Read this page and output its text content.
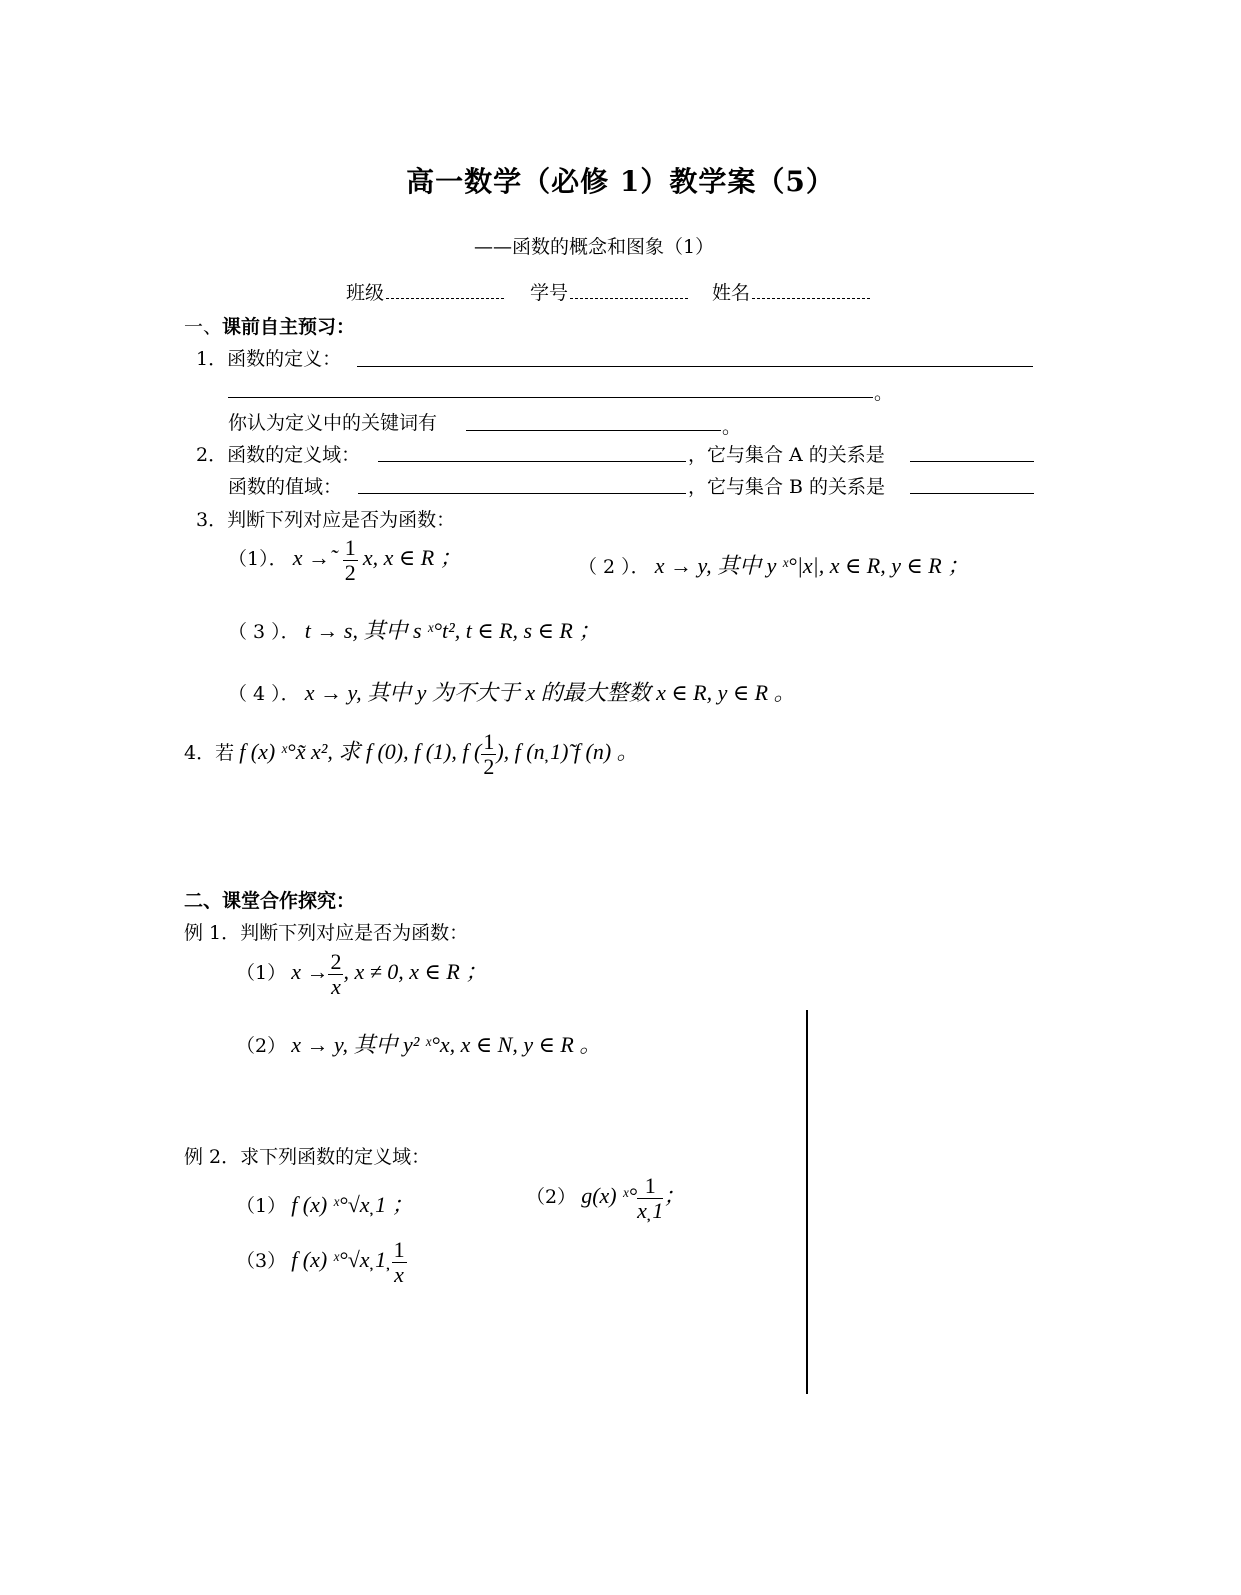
高一数学（必修 1）教学案（5）
——函数的概念和图象（1）
班级	学号	姓名
一、课前自主预习：
1．函数的定义：
。
你认为定义中的关键词有	。
2．函数的定义域：	，它与集合 A 的关系是
函数的值域：	，它与集合 B 的关系是
3．判断下列对应是否为函数：
（1）． x →˜ $\frac{1}{2} x$, x ∈ R ；	（ 2 ）． x → y, 其中 y ˣ°|x|, x ∈ R, y ∈ R ；
（ 3 ）． t → s, 其中 s ˣ°t², t ∈ R, s ∈ R ；
（ 4 ）． x → y, 其中 y 为不大于 x 的最大整数 x ∈ R, y ∈ R 。
4．若 f (x) ˣ°x̃ x², 求 f (0), f (1), f ( $\frac{1}{2}$ ), f (n̦ 1)̃ f (n) 。
二、课堂合作探究：
例 1．判断下列对应是否为函数：
（1） $x \to \frac{2}{x}$ , x ≠ 0, x ∈ R ；
（2） x → y, 其中 y² ˣ°x, x ∈ N, y ∈ R 。
例 2．求下列函数的定义域：
（1） f (x) ˣ°√x̦ 1 ；	（2） g(x) ˣ° $\frac{1}{x̦ 1}$ ；
（3） f (x) ˣ°√x̦ 1̦ $\frac{1}{x}$
